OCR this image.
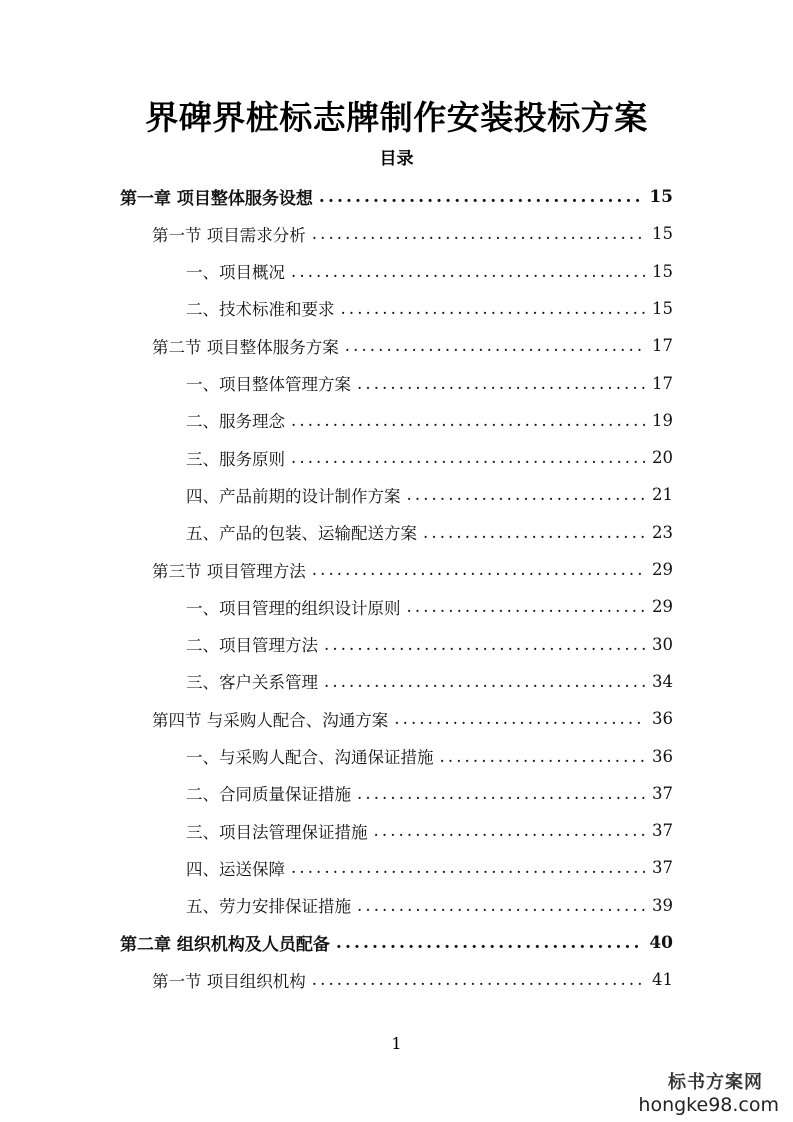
界碑界桩标志牌制作安装投标方案
目录
第一章 项目整体服务设想 .....	15
第一节 项目需求分析 .....	15
一、项目概况 .....	15
二、技术标准和要求 .....	15
第二节 项目整体服务方案 .....	17
一、项目整体管理方案 .....	17
二、服务理念 .....	19
三、服务原则 .....	20
四、产品前期的设计制作方案 .....	21
五、产品的包装、运输配送方案 .....	23
第三节 项目管理方法 .....	29
一、项目管理的组织设计原则 .....	29
二、项目管理方法 .....	30
三、客户关系管理 .....	34
第四节 与采购人配合、沟通方案 .....	36
一、与采购人配合、沟通保证措施 .....	36
二、合同质量保证措施 .....	37
三、项目法管理保证措施 .....	37
四、运送保障 .....	37
五、劳力安排保证措施 .....	39
第二章 组织机构及人员配备 .....	40
第一节 项目组织机构 .....	41
1
标书方案网
hongke98.com
